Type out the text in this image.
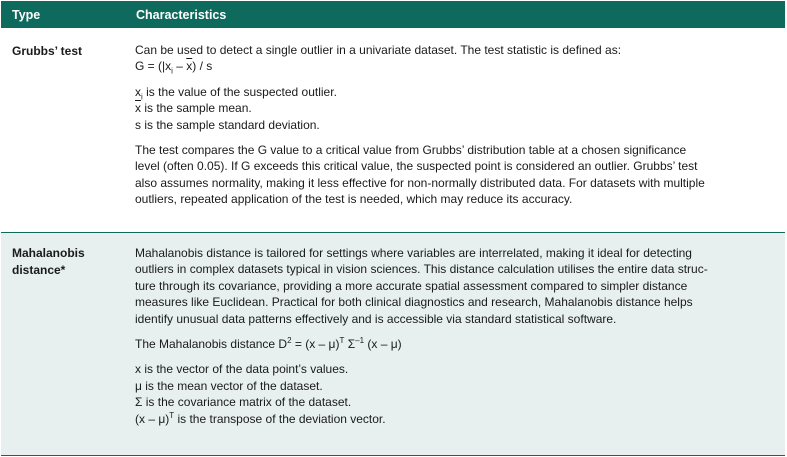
Type	Characteristics
Grubbs’ test	Can be used to detect a single outlier in a univariate dataset. The test statistic is defined as:

$G = (|x_i - \overline{x}) / s$

$x_i$ is the value of the suspected outlier.

$\overline{x}$ is the sample mean.

s is the sample standard deviation.

The test compares the G value to a critical value from Grubbs’ distribution table at a chosen significance

level (often 0.05). If G exceeds this critical value, the suspected point is considered an outlier. Grubbs’ test

also assumes normality, making it less effective for non-normally distributed data. For datasets with multiple

outliers, repeated application of the test is needed, which may reduce its accuracy.

Mahalanobis
distance*

Mahalanobis distance is tailored for settings where variables are interrelated, making it ideal for detecting

outliers in complex datasets typical in vision sciences. This distance calculation utilises the entire data struc-

ture through its covariance, providing a more accurate spatial assessment compared to simpler distance

measures like Euclidean. Practical for both clinical diagnostics and research, Mahalanobis distance helps

identify unusual data patterns effectively and is accessible via standard statistical software.

The Mahalanobis distance $D^2 = (x - \mu)^T$ $\Sigma^{-1}$ (x – μ)

x is the vector of the data point’s values.

μ is the mean vector of the dataset.

Σ is the covariance matrix of the dataset.

(x – μ)$^T$ is the transpose of the deviation vector.
